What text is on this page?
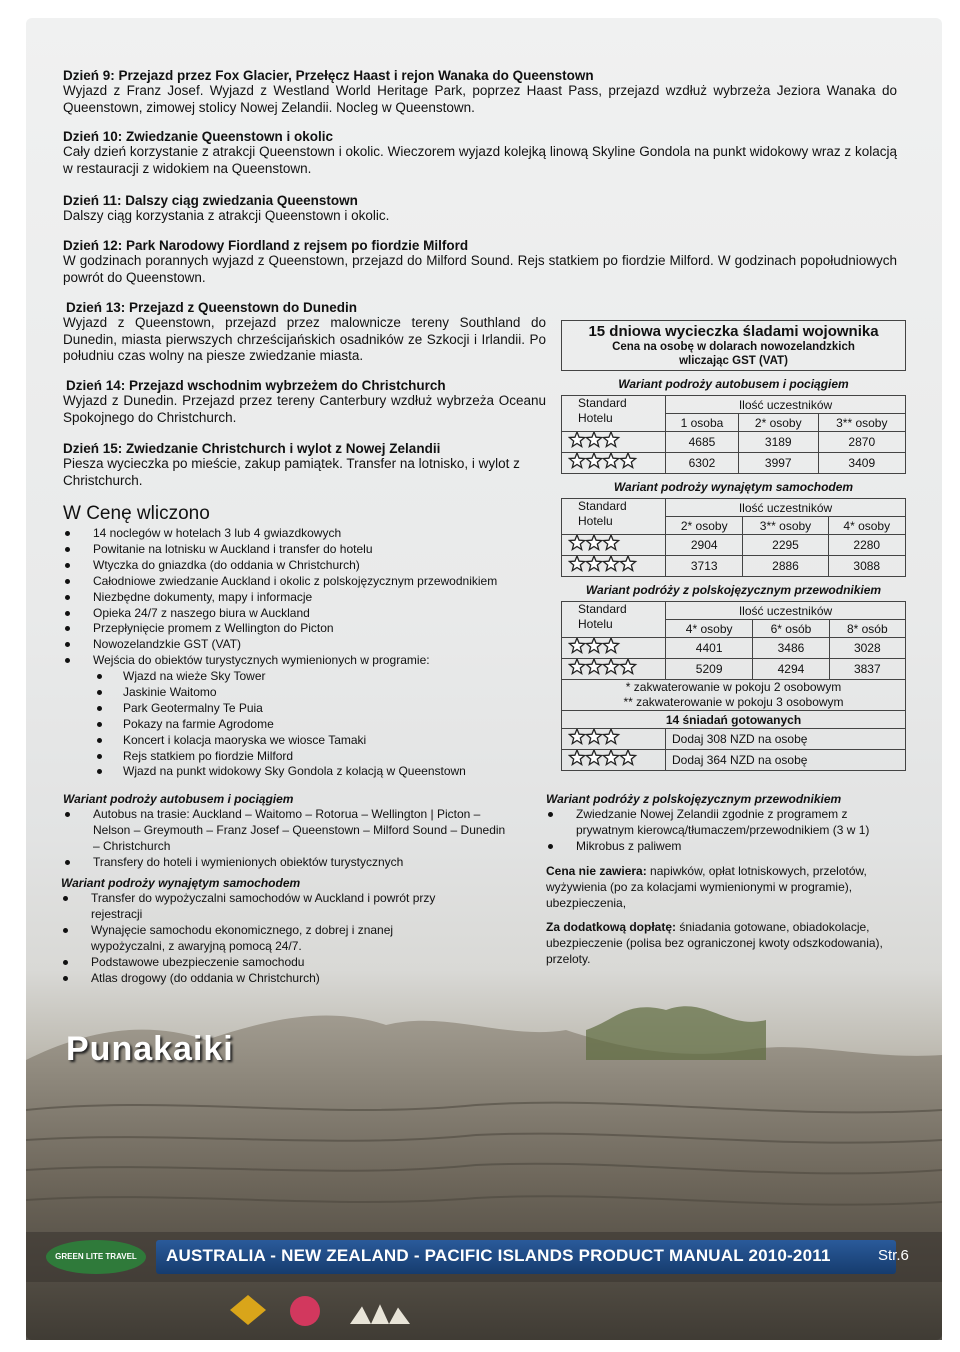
Punakaiki
Dzień 9: Przejazd przez Fox Glacier, Przełęcz Haast i rejon Wanaka do Queenstown
Wyjazd z Franz Josef. Wyjazd z Westland World Heritage Park, poprzez Haast Pass, przejazd wzdłuż wybrzeża Jeziora Wanaka do Queenstown, zimowej stolicy Nowej Zelandii. Nocleg w Queenstown.
Dzień 10: Zwiedzanie Queenstown i okolic
Cały dzień korzystanie z atrakcji Queenstown i okolic. Wieczorem wyjazd kolejką linową Skyline Gondola na punkt widokowy wraz z kolacją w restauracji z widokiem na Queenstown.
Dzień 11: Dalszy ciąg zwiedzania Queenstown
Dalszy ciąg korzystania z atrakcji Queenstown i okolic.
Dzień 12: Park Narodowy Fiordland z rejsem po fiordzie Milford
W godzinach porannych wyjazd z Queenstown, przejazd do Milford Sound. Rejs statkiem po fiordzie Milford. W godzinach popołudniowych powrót do Queenstown.
Dzień 13: Przejazd z Queenstown do Dunedin
Wyjazd z Queenstown, przejazd przez malownicze tereny Southland do Dunedin, miasta pierwszych chrześcijańskich osadników ze Szkocji i Irlandii. Po południu czas wolny na piesze zwiedzanie miasta.
Dzień 14: Przejazd wschodnim wybrzeżem do Christchurch
Wyjazd z Dunedin. Przejazd przez tereny Canterbury wzdłuż wybrzeża Oceanu Spokojnego do Christchurch.
Dzień 15: Zwiedzanie Christchurch i wylot z Nowej Zelandii
Piesza wycieczka po mieście, zakup pamiątek. Transfer na lotnisko, i wylot z Christchurch.
W Cenę wliczono
14 noclegów w hotelach 3 lub 4 gwiazdkowych
Powitanie na lotnisku w Auckland i transfer do hotelu
Wtyczka do gniazdka (do oddania w Christchurch)
Całodniowe zwiedzanie Auckland i okolic z polskojęzycznym przewodnikiem
Niezbędne dokumenty, mapy i informacje
Opieka 24/7 z naszego biura w Auckland
Przepłynięcie promem z Wellington do Picton
Nowozelandzkie GST (VAT)
Wejścia do obiektów turystycznych wymienionych w programie:
Wjazd na wieże Sky Tower
Jaskinie Waitomo
Park Geotermalny Te Puia
Pokazy na farmie Agrodome
Koncert i kolacja maoryska we wiosce Tamaki
Rejs statkiem po fiordzie Milford
Wjazd na punkt widokowy Sky Gondola z kolacją w Queenstown
Wariant podroży autobusem i pociągiem
Autobus na trasie: Auckland – Waitomo – Rotorua – Wellington | Picton – Nelson – Greymouth – Franz Josef – Queenstown – Milford Sound – Dunedin – Christchurch
Transfery do hoteli i wymienionych obiektów turystycznych
Wariant podroży wynajętym samochodem
Transfer do wypożyczalni samochodów w Auckland i powrót przy rejestracji
Wynajęcie samochodu ekonomicznego, z dobrej i znanej wypożyczalni, z awaryjną pomocą 24/7.
Podstawowe ubezpieczenie samochodu
Atlas drogowy (do oddania w Christchurch)
Wariant podróży z polskojęzycznym przewodnikiem
Zwiedzanie Nowej Zelandii zgodnie z programem z prywatnym kierowcą/tłumaczem/przewodnikiem (3 w 1)
Mikrobus z paliwem
Cena nie zawiera: napiwków, opłat lotniskowych, przelotów, wyżywienia (po za kolacjami wymienionymi w programie), ubezpieczenia,
Za dodatkową dopłatę: śniadania gotowane, obiadokolacje, ubezpieczenie (polisa bez ograniczonej kwoty odszkodowania), przeloty.
15 dniowa wycieczka śladami wojownika
Cena na osobę w dolarach nowozelandzkich
wliczając GST (VAT)
Wariant podroży autobusem i pociągiem
Standard
Hotelu	Ilość uczestników		
	1 osoba	2* osoby	3** osoby
	4685	3189	2870
	6302	3997	3409
Wariant podroży wynajętym samochodem
Standard
Hotelu	Ilość uczestników		
	2* osoby	3** osoby	4* osoby
	2904	2295	2280
	3713	2886	3088
Wariant podróży z polskojęzycznym przewodnikiem
Standard
Hotelu	Ilość uczestników		
	4* osoby	6* osób	8* osób
	4401	3486	3028
	5209	4294	3837
* zakwaterowanie w pokoju 2 osobowym			
** zakwaterowanie w pokoju 3 osobowym			
14 śniadań gotowanych			
	Dodaj 308 NZD na osobę		
	Dodaj 364 NZD na osobę		
GREEN LITE TRAVEL	AUSTRALIA - NEW ZEALAND - PACIFIC ISLANDS PRODUCT MANUAL 2010-2011	Str.6
